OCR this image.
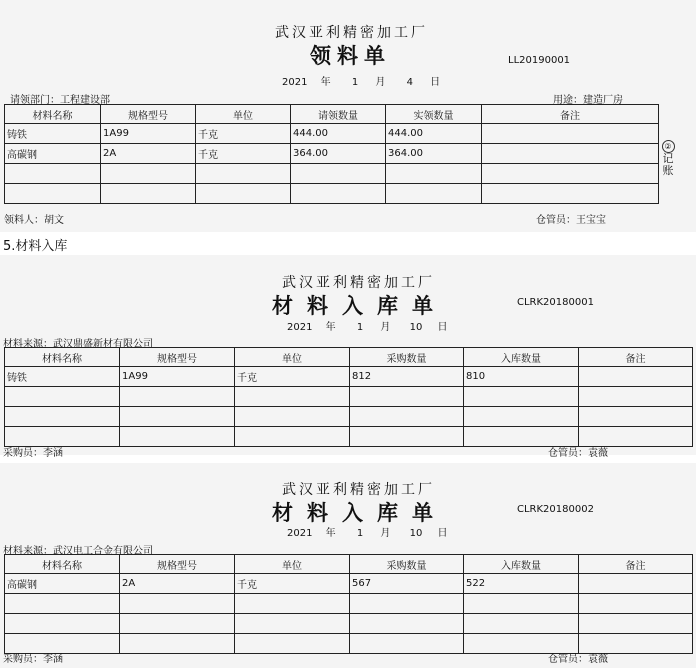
武汉亚利精密加工厂
领料单	LL20190001
2021 年 1 月 4 日
请领部门：工程建设部	用途：建造厂房
材料名称	规格型号	单位	请领数量	实领数量	备注
铸铁	1A99	千克	444.00	444.00	
高碳钢	2A	千克	364.00	364.00	

②
记
账
领料人：胡文	仓管员：王宝宝
5.材料入库
武汉亚利精密加工厂
材料入库单	CLRK20180001
2021 年 1 月 10 日
材料来源：武汉鼎盛新材有限公司
材料名称	规格型号	单位	采购数量	入库数量	备注
铸铁	1A99	千克	812	810	

采购员：李涵	仓管员：袁薇
武汉亚利精密加工厂
材料入库单	CLRK20180002
2021 年 1 月 10 日
材料来源：武汉电工合金有限公司
材料名称	规格型号	单位	采购数量	入库数量	备注
高碳钢	2A	千克	567	522	

采购员：李涵	仓管员：袁薇
